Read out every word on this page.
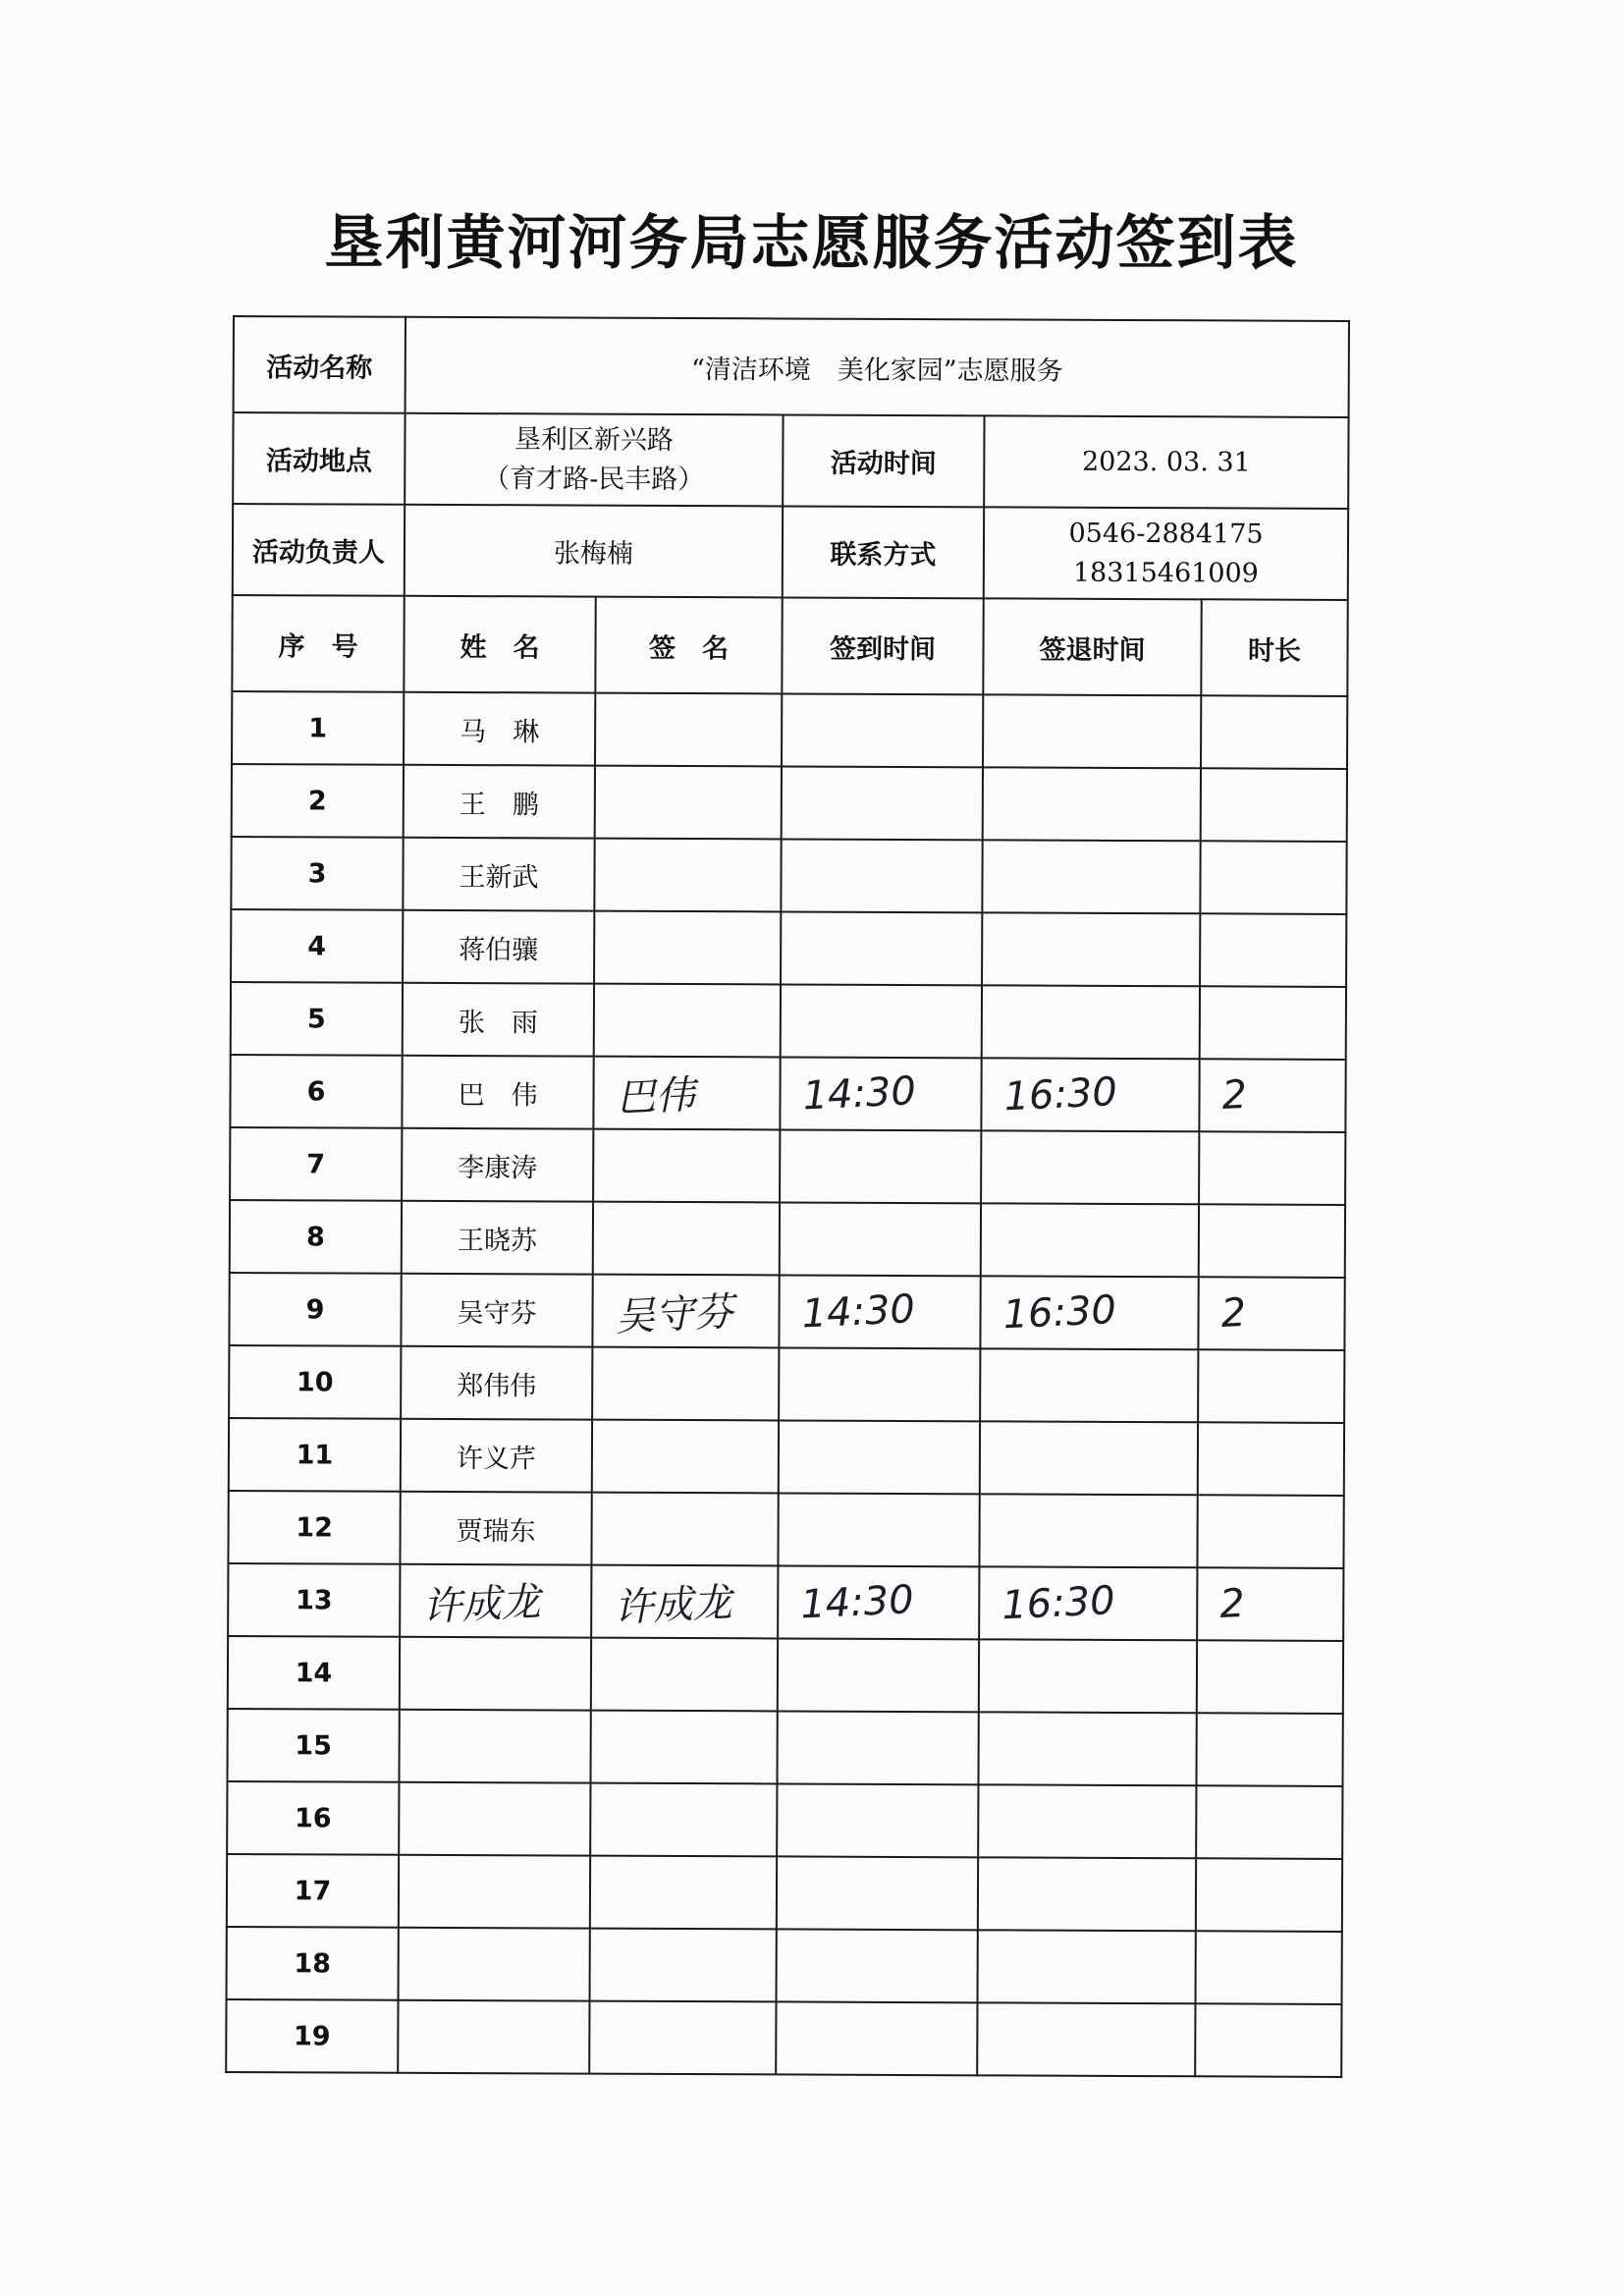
垦利黄河河务局志愿服务活动签到表
活动名称	“清洁环境　美化家园”志愿服务				
活动地点	垦利区新兴路
（育才路-民丰路）		活动时间	2023. 03. 31	
活动负责人	张梅楠		联系方式	0546-2884175
18315461009	

序　号	姓　名	签　名	签到时间	签退时间	时长
1	马　琳				
2	王　鹏				
3	王新武				
4	蒋伯骧				
5	张　雨				
6	巴　伟	巴伟	14:30	16:30	2
7	李康涛				
8	王晓苏				
9	吴守芬	吴守芬	14:30	16:30	2
10	郑伟伟				
11	许义芹				
12	贾瑞东				
13	许成龙	许成龙	14:30	16:30	2
14					
15					
16					
17					
18					
19					
